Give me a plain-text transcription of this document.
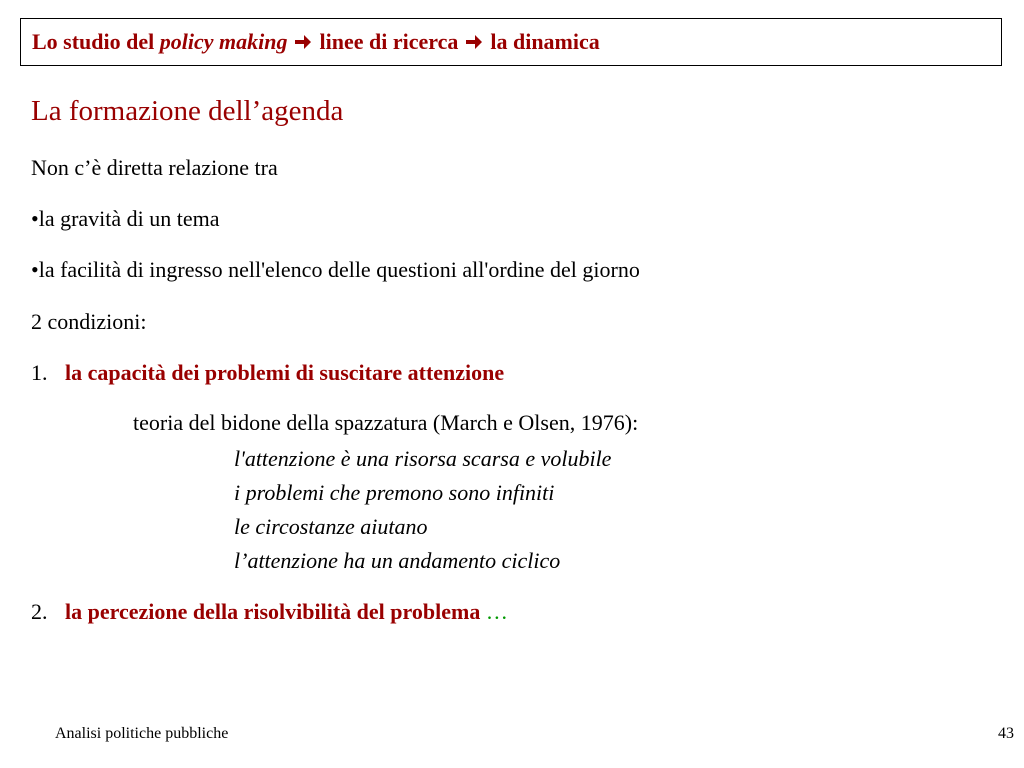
Lo studio del
policy making linee di ricerca la dinamica
La formazione dell’agenda
Non c’è diretta relazione tra
•la gravità di un tema
•la facilità di ingresso nell'elenco delle questioni all'ordine del giorno
2 condizioni:
1. la capacità dei problemi di suscitare attenzione
teoria del bidone della spazzatura (March e Olsen, 1976):
l'attenzione è una risorsa scarsa e volubile
i problemi che premono sono infiniti
le circostanze aiutano
l’attenzione ha un andamento ciclico
2. la percezione della risolvibilità del problema …
Analisi politiche pubbliche	43
